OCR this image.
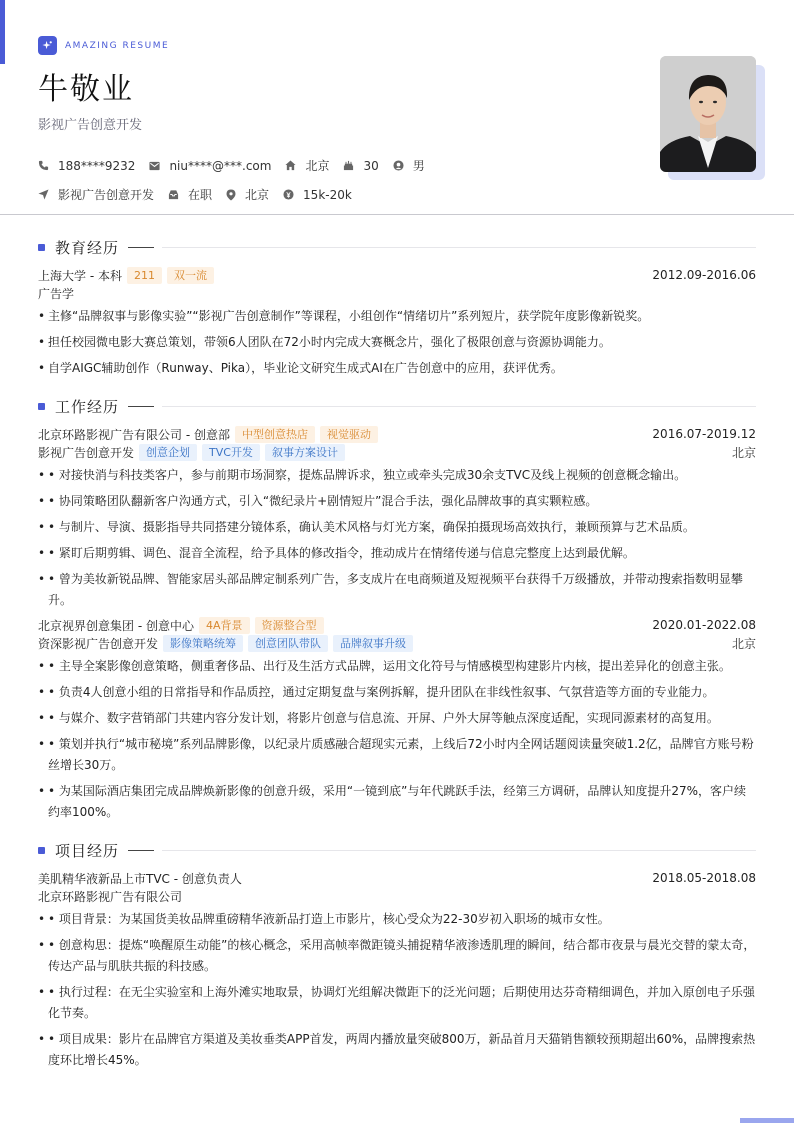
AMAZING RESUME
牛敬业
影视广告创意开发
188****9232	niu****@***.com	北京	30	男
影视广告创意开发	在职	北京	15k-20k
教育经历
上海大学 - 本科	211	双一流	2012.09-2016.06
广告学
• 主修“品牌叙事与影像实验”“影视广告创意制作”等课程，小组创作“情绪切片”系列短片，获学院年度影像新锐奖。
• 担任校园微电影大赛总策划，带领6人团队在72小时内完成大赛概念片，强化了极限创意与资源协调能力。
• 自学AIGC辅助创作（Runway、Pika），毕业论文研究生成式AI在广告创意中的应用，获评优秀。
工作经历
北京环路影视广告有限公司 - 创意部	中型创意热店	视觉驱动	2016.07-2019.12
影视广告创意开发	创意企划	TVC开发	叙事方案设计	北京
• • 对接快消与科技类客户，参与前期市场洞察，提炼品牌诉求，独立或牵头完成30余支TVC及线上视频的创意概念输出。
• • 协同策略团队翻新客户沟通方式，引入“微纪录片+剧情短片”混合手法，强化品牌故事的真实颗粒感。
• • 与制片、导演、摄影指导共同搭建分镜体系，确认美术风格与灯光方案，确保拍摄现场高效执行，兼顾预算与艺术品质。
• • 紧盯后期剪辑、调色、混音全流程，给予具体的修改指令，推动成片在情绪传递与信息完整度上达到最优解。
• • 曾为美妆新锐品牌、智能家居头部品牌定制系列广告，多支成片在电商频道及短视频平台获得千万级播放，并带动搜索指数明显攀升。
北京视界创意集团 - 创意中心	4A背景	资源整合型	2020.01-2022.08
资深影视广告创意开发	影像策略统筹	创意团队带队	品牌叙事升级	北京
• • 主导全案影像创意策略，侧重奢侈品、出行及生活方式品牌，运用文化符号与情感模型构建影片内核，提出差异化的创意主张。
• • 负责4人创意小组的日常指导和作品质控，通过定期复盘与案例拆解，提升团队在非线性叙事、气氛营造等方面的专业能力。
• • 与媒介、数字营销部门共建内容分发计划，将影片创意与信息流、开屏、户外大屏等触点深度适配，实现同源素材的高复用。
• • 策划并执行“城市秘境”系列品牌影像，以纪录片质感融合超现实元素，上线后72小时内全网话题阅读量突破1.2亿，品牌官方账号粉丝增长30万。
• • 为某国际酒店集团完成品牌焕新影像的创意升级，采用“一镜到底”与年代跳跃手法，经第三方调研，品牌认知度提升27%，客户续约率100%。
项目经历
美肌精华液新品上市TVC - 创意负责人	2018.05-2018.08
北京环路影视广告有限公司
• • 项目背景：为某国货美妆品牌重磅精华液新品打造上市影片，核心受众为22-30岁初入职场的城市女性。
• • 创意构思：提炼“唤醒原生动能”的核心概念，采用高帧率微距镜头捕捉精华液渗透肌理的瞬间，结合都市夜景与晨光交替的蒙太奇，传达产品与肌肤共振的科技感。
• • 执行过程：在无尘实验室和上海外滩实地取景，协调灯光组解决微距下的泛光问题；后期使用达芬奇精细调色，并加入原创电子乐强化节奏。
• • 项目成果：影片在品牌官方渠道及美妆垂类APP首发，两周内播放量突破800万，新品首月天猫销售额较预期超出60%，品牌搜索热度环比增长45%。
